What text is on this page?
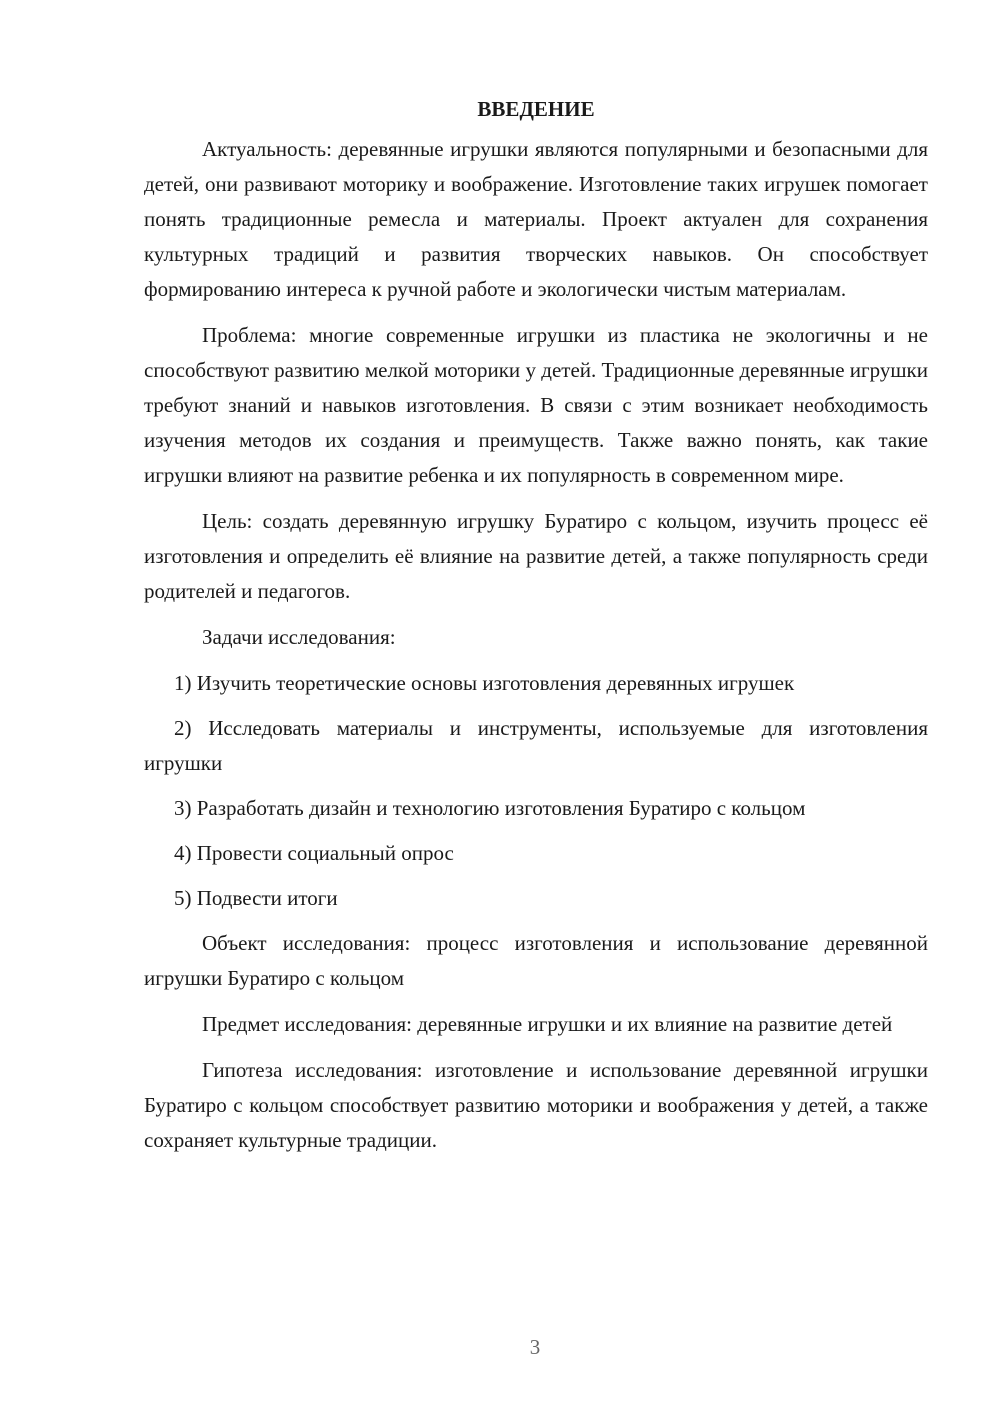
ВВЕДЕНИЕ

Актуальность: деревянные игрушки являются популярными и безопасными для детей, они развивают моторику и воображение. Изготовление таких игрушек помогает понять традиционные ремесла и материалы. Проект актуален для сохранения культурных традиций и развития творческих навыков. Он способствует формированию интереса к ручной работе и экологически чистым материалам.

Проблема: многие современные игрушки из пластика не экологичны и не способствуют развитию мелкой моторики у детей. Традиционные деревянные игрушки требуют знаний и навыков изготовления. В связи с этим возникает необходимость изучения методов их создания и преимуществ. Также важно понять, как такие игрушки влияют на развитие ребенка и их популярность в современном мире.

Цель: создать деревянную игрушку Буратиро с кольцом, изучить процесс её изготовления и определить её влияние на развитие детей, а также популярность среди родителей и педагогов.

Задачи исследования:

1) Изучить теоретические основы изготовления деревянных игрушек

2) Исследовать материалы и инструменты, используемые для изготовления игрушки

3) Разработать дизайн и технологию изготовления Буратиро с кольцом

4) Провести социальный опрос

5) Подвести итоги

Объект исследования: процесс изготовления и использование деревянной игрушки Буратиро с кольцом

Предмет исследования: деревянные игрушки и их влияние на развитие детей

Гипотеза исследования: изготовление и использование деревянной игрушки Буратиро с кольцом способствует развитию моторики и воображения у детей, а также сохраняет культурные традиции.

3
